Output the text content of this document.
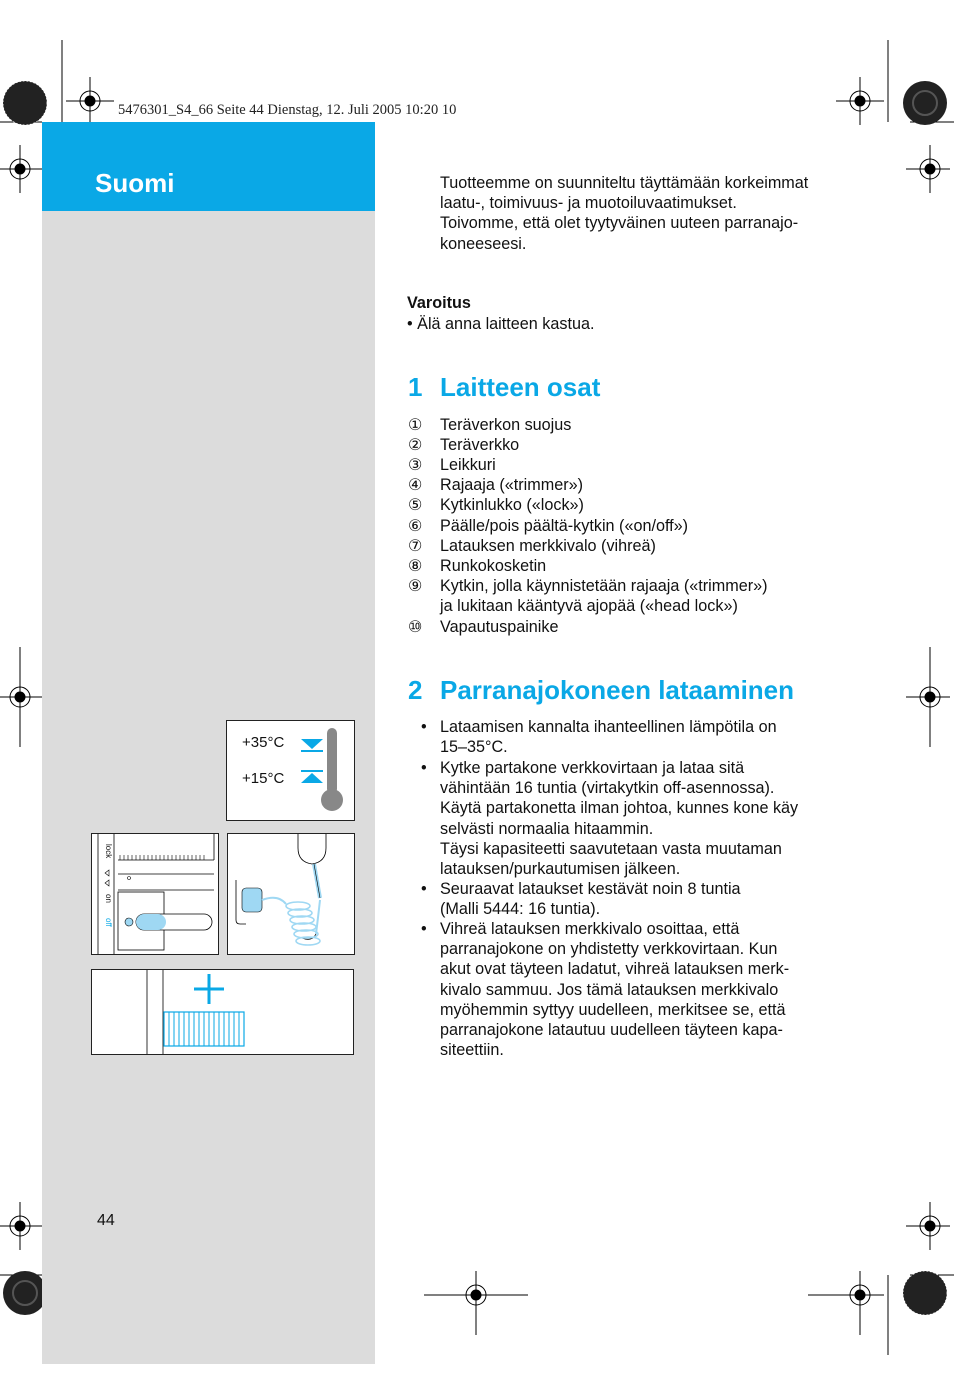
5476301_S4_66 Seite 44 Dienstag, 12. Juli 2005 10:20 10
Suomi	Tuotteemme on suunniteltu täyttämään korkeimmat
laatu-, toimivuus- ja muotoiluvaatimukset.
Toivomme, että olet tyytyväinen uuteen parranajo-
koneeseesi.
Varoitus
• Älä anna laitteen kastua.
1 Laitteen osat
① Teräverkon suojus
② Teräverkko
③ Leikkuri
④ Rajaaja («trimmer»)
⑤ Kytkinlukko («lock»)
⑥ Päälle/pois päältä-kytkin («on/off»)
⑦ Latauksen merkkivalo (vihreä)
⑧ Runkokosketin
⑨ Kytkin, jolla käynnistetään rajaaja («trimmer»)
ja lukitaan kääntyvä ajopää («head lock»)
⑩ Vapautuspainike
2 Parranajokoneen lataaminen
• Lataamisen kannalta ihanteellinen lämpötila on
15–35°C.
• Kytke partakone verkkovirtaan ja lataa sitä
vähintään 16 tuntia (virtakytkin off-asennossa).
Käytä partakonetta ilman johtoa, kunnes kone käy
selvästi normaalia hitaammin.
Täysi kapasiteetti saavutetaan vasta muutaman
latauksen/purkautumisen jälkeen.
• Seuraavat lataukset kestävät noin 8 tuntia
(Malli 5444: 16 tuntia).
• Vihreä latauksen merkkivalo osoittaa, että
parranajokone on yhdistetty verkkovirtaan. Kun
akut ovat täyteen ladatut, vihreä latauksen merk-
kivalo sammuu. Jos tämä latauksen merkkivalo
myöhemmin syttyy uudelleen, merkitsee se, että
parranajokone latautuu uudelleen täyteen kapa-
siteettiin.
+35°C
+15°C
lock
on
off
44
